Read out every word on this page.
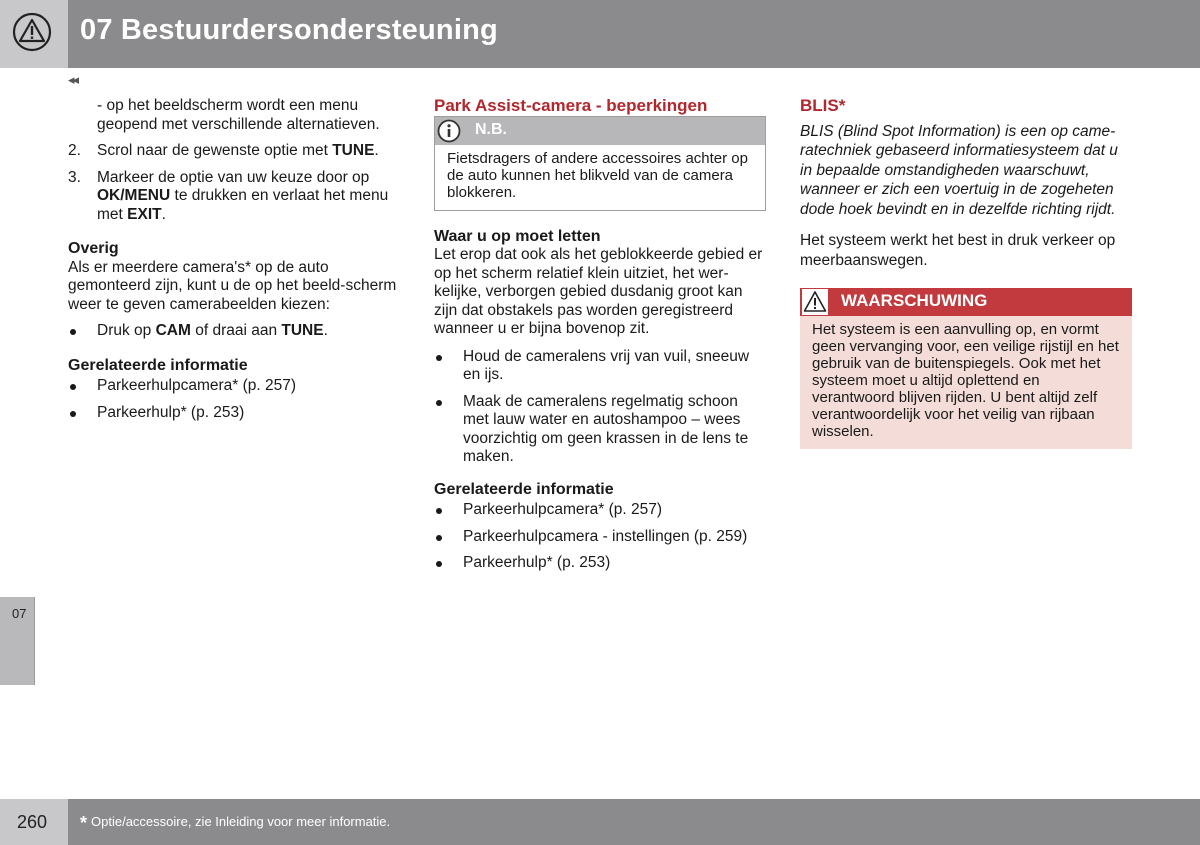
07 Bestuurdersondersteuning
◂◂
07

- op het beeldscherm wordt een menu geopend met verschillende alternatieven.

2. Scrol naar de gewenste optie met TUNE.
3. Markeer de optie van uw keuze door op OK/MENU te drukken en verlaat het menu met EXIT.

Overig

Als er meerdere camera's* op de auto gemonteerd zijn, kunt u de op het beeld-scherm weer te geven camerabeelden kiezen:

Druk op CAM of draai aan TUNE.

Gerelateerde informatie

Parkeerhulpcamera* (p. 257)
Parkeerhulp* (p. 253)

Park Assist-camera - beperkingen

N.B.
Fietsdragers of andere accessoires achter op de auto kunnen het blikveld van de camera blokkeren.

Waar u op moet letten

Let erop dat ook als het geblokkeerde gebied er op het scherm relatief klein uitziet, het wer-kelijke, verborgen gebied dusdanig groot kan zijn dat obstakels pas worden geregistreerd wanneer u er bijna bovenop zit.

Houd de cameralens vrij van vuil, sneeuw en ijs.
Maak de cameralens regelmatig schoon met lauw water en autoshampoo – wees voorzichtig om geen krassen in de lens te maken.

Gerelateerde informatie

Parkeerhulpcamera* (p. 257)
Parkeerhulpcamera - instellingen (p. 259)
Parkeerhulp* (p. 253)

BLIS*

BLIS (Blind Spot Information) is een op came-ratechniek gebaseerd informatiesysteem dat u in bepaalde omstandigheden waarschuwt, wanneer er zich een voertuig in de zogeheten dode hoek bevindt en in dezelfde richting rijdt.

Het systeem werkt het best in druk verkeer op meerbaanswegen.

WAARSCHUWING
Het systeem is een aanvulling op, en vormt geen vervanging voor, een veilige rijstijl en het gebruik van de buitenspiegels. Ook met het systeem moet u altijd oplettend en verantwoord blijven rijden. U bent altijd zelf verantwoordelijk voor het veilig van rijbaan wisselen.
260 * Optie/accessoire, zie Inleiding voor meer informatie.
